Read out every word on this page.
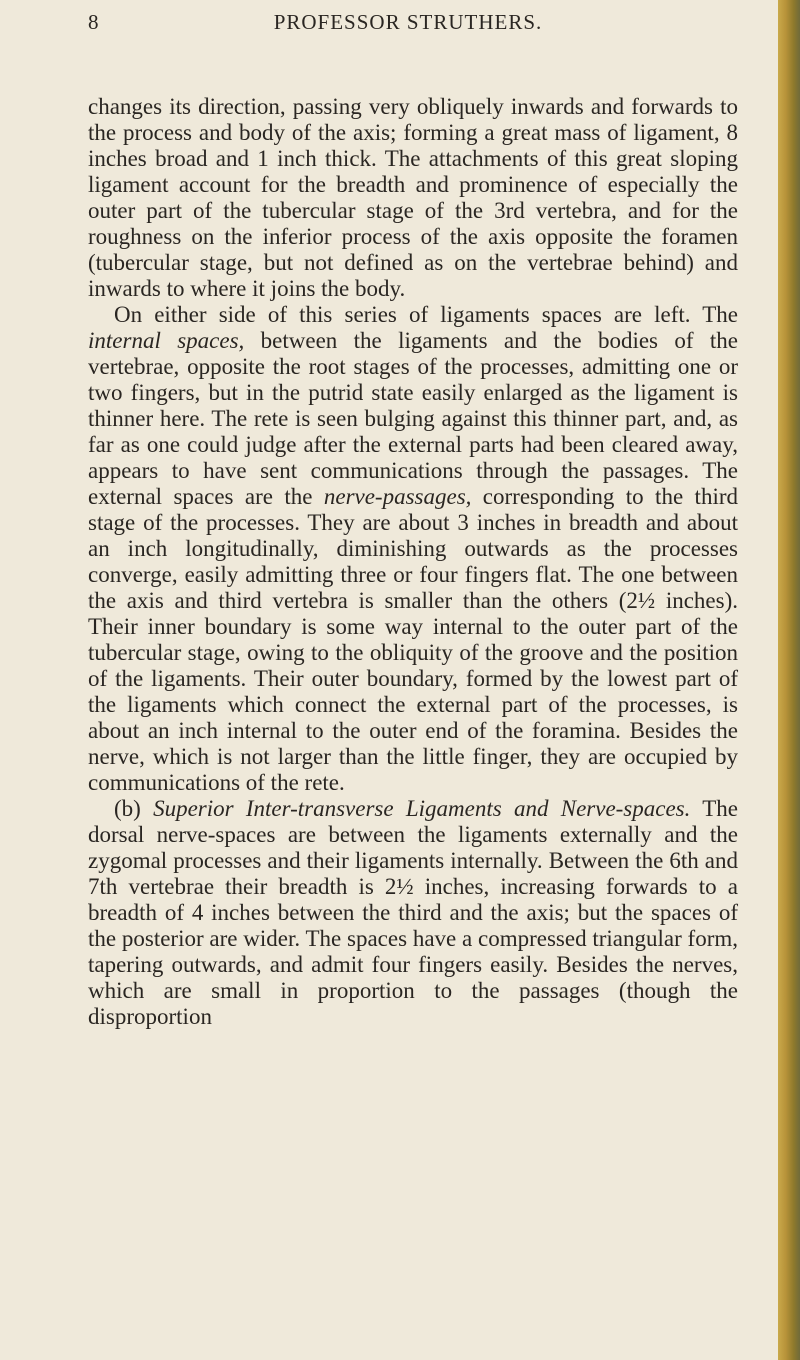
8	PROFESSOR STRUTHERS.

changes its direction, passing very obliquely inwards and forwards to the process and body of the axis; forming a great mass of ligament, 8 inches broad and 1 inch thick. The attachments of this great sloping ligament account for the breadth and prominence of especially the outer part of the tubercular stage of the 3rd vertebra, and for the roughness on the inferior process of the axis opposite the foramen (tubercular stage, but not defined as on the vertebrae behind) and inwards to where it joins the body.

On either side of this series of ligaments spaces are left. The internal spaces, between the ligaments and the bodies of the vertebrae, opposite the root stages of the processes, admitting one or two fingers, but in the putrid state easily enlarged as the ligament is thinner here. The rete is seen bulging against this thinner part, and, as far as one could judge after the external parts had been cleared away, appears to have sent communications through the passages. The external spaces are the nerve-passages, corresponding to the third stage of the processes. They are about 3 inches in breadth and about an inch longitudinally, diminishing outwards as the processes converge, easily admitting three or four fingers flat. The one between the axis and third vertebra is smaller than the others (2½ inches). Their inner boundary is some way internal to the outer part of the tubercular stage, owing to the obliquity of the groove and the position of the ligaments. Their outer boundary, formed by the lowest part of the ligaments which connect the external part of the processes, is about an inch internal to the outer end of the foramina. Besides the nerve, which is not larger than the little finger, they are occupied by communications of the rete.

(b) Superior Inter-transverse Ligaments and Nerve-spaces. The dorsal nerve-spaces are between the ligaments externally and the zygomal processes and their ligaments internally. Between the 6th and 7th vertebrae their breadth is 2½ inches, increasing forwards to a breadth of 4 inches between the third and the axis; but the spaces of the posterior are wider. The spaces have a compressed triangular form, tapering outwards, and admit four fingers easily. Besides the nerves, which are small in proportion to the passages (though the disproportion
